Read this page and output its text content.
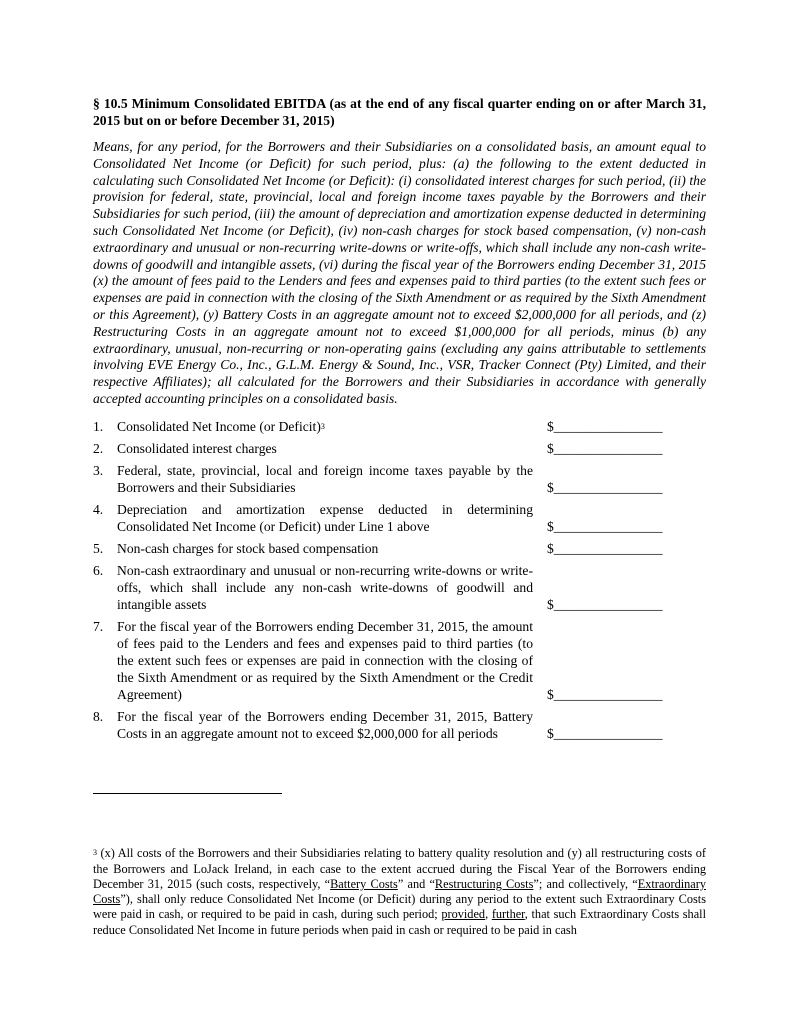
§ 10.5 Minimum Consolidated EBITDA (as at the end of any fiscal quarter ending on or after March 31, 2015 but on or before December 31, 2015)

Means, for any period, for the Borrowers and their Subsidiaries on a consolidated basis, an amount equal to Consolidated Net Income (or Deficit) for such period, plus: (a) the following to the extent deducted in calculating such Consolidated Net Income (or Deficit): (i) consolidated interest charges for such period, (ii) the provision for federal, state, provincial, local and foreign income taxes payable by the Borrowers and their Subsidiaries for such period, (iii) the amount of depreciation and amortization expense deducted in determining such Consolidated Net Income (or Deficit), (iv) non-cash charges for stock based compensation, (v) non-cash extraordinary and unusual or non-recurring write-downs or write-offs, which shall include any non-cash write-downs of goodwill and intangible assets, (vi) during the fiscal year of the Borrowers ending December 31, 2015 (x) the amount of fees paid to the Lenders and fees and expenses paid to third parties (to the extent such fees or expenses are paid in connection with the closing of the Sixth Amendment or as required by the Sixth Amendment or this Agreement), (y) Battery Costs in an aggregate amount not to exceed $2,000,000 for all periods, and (z) Restructuring Costs in an aggregate amount not to exceed $1,000,000 for all periods, minus (b) any extraordinary, unusual, non-recurring or non-operating gains (excluding any gains attributable to settlements involving EVE Energy Co., Inc., G.L.M. Energy & Sound, Inc., VSR, Tracker Connect (Pty) Limited, and their respective Affiliates); all calculated for the Borrowers and their Subsidiaries in accordance with generally accepted accounting principles on a consolidated basis.

1.	Consolidated Net Income (or Deficit)$^3$	$________________
2.	Consolidated interest charges	$________________
3.	Federal, state, provincial, local and foreign income taxes payable by the Borrowers and their Subsidiaries	$________________
4.	Depreciation and amortization expense deducted in determining Consolidated Net Income (or Deficit) under Line 1 above	$________________
5.	Non-cash charges for stock based compensation	$________________
6.	Non-cash extraordinary and unusual or non-recurring write-downs or write-offs, which shall include any non-cash write-downs of goodwill and intangible assets	$________________
7.	For the fiscal year of the Borrowers ending December 31, 2015, the amount of fees paid to the Lenders and fees and expenses paid to third parties (to the extent such fees or expenses are paid in connection with the closing of the Sixth Amendment or as required by the Sixth Amendment or the Credit Agreement)	$________________
8.	For the fiscal year of the Borrowers ending December 31, 2015, Battery Costs in an aggregate amount not to exceed $2,000,000 for all periods	$________________

$^3$ (x) All costs of the Borrowers and their Subsidiaries relating to battery quality resolution and (y) all restructuring costs of the Borrowers and LoJack Ireland, in each case to the extent accrued during the Fiscal Year of the Borrowers ending December 31, 2015 (such costs, respectively, “Battery Costs” and “Restructuring Costs”; and collectively, “Extraordinary Costs”), shall only reduce Consolidated Net Income (or Deficit) during any period to the extent such Extraordinary Costs were paid in cash, or required to be paid in cash, during such period; provided, further, that such Extraordinary Costs shall reduce Consolidated Net Income in future periods when paid in cash or required to be paid in cash
